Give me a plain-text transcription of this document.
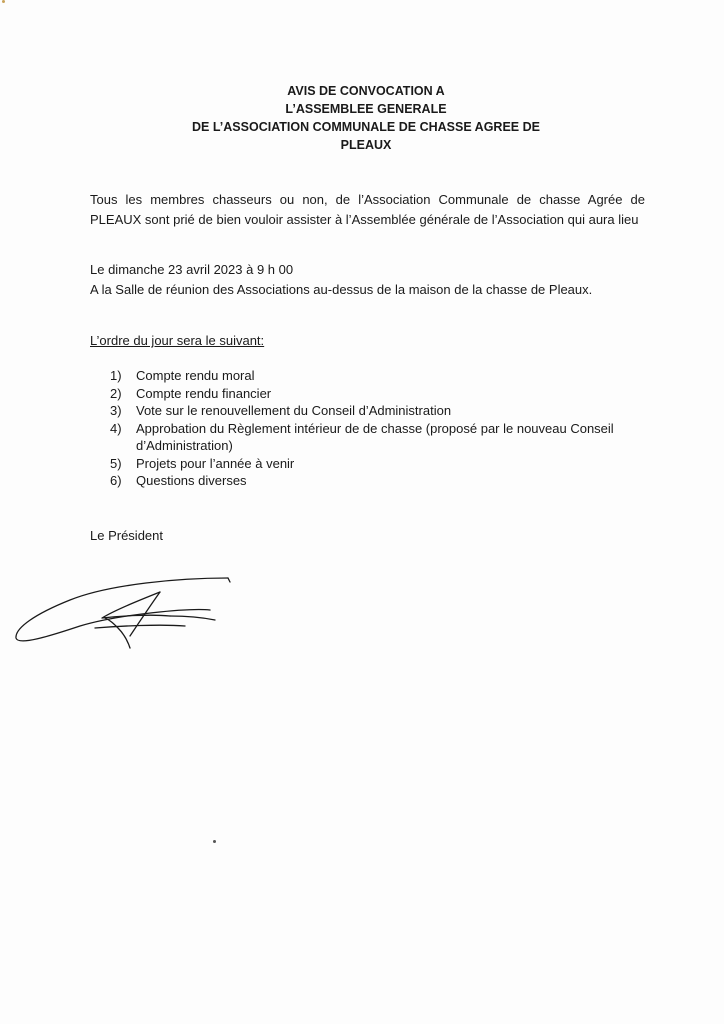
AVIS DE CONVOCATION A
L’ASSEMBLEE GENERALE
DE L’ASSOCIATION COMMUNALE DE CHASSE AGREE DE
PLEAUX
Tous les membres chasseurs ou non, de l’Association Communale de chasse Agrée de PLEAUX sont prié de bien vouloir assister à l’Assemblée générale de l’Association qui aura lieu
Le dimanche 23 avril 2023 à 9 h 00
A la Salle de réunion des Associations au-dessus de la maison de la chasse de Pleaux.
L’ordre du jour sera le suivant:
1) Compte rendu moral
2) Compte rendu financier
3) Vote sur le renouvellement du Conseil d’Administration
4) Approbation du Règlement intérieur de de chasse (proposé par le nouveau Conseil d’Administration)
5) Projets pour l’année à venir
6) Questions diverses
Le Président
